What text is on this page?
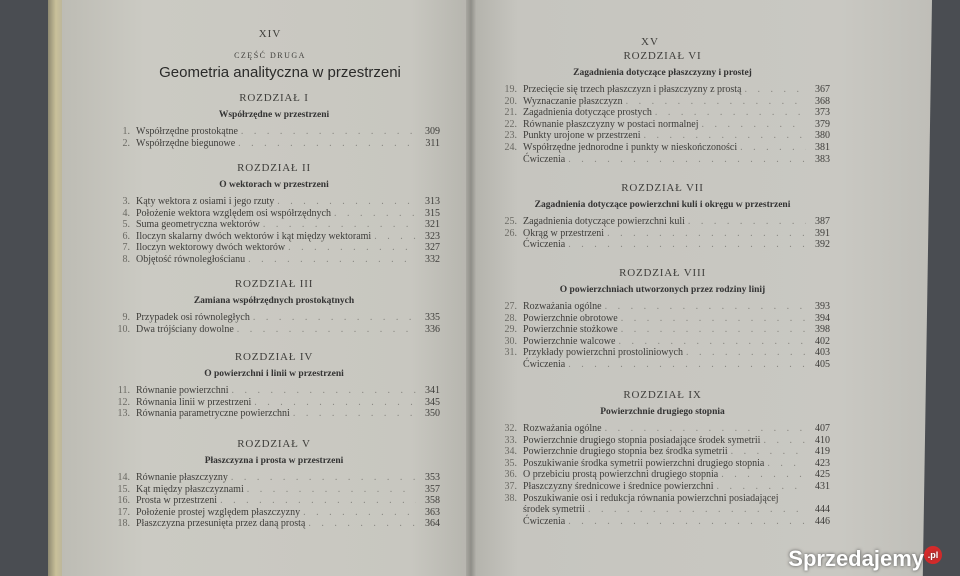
XIV
CZĘŚĆ DRUGA
Geometria analityczna w przestrzeni
XV
ROZDZIAŁ I
Współrzędne w przestrzeni
1. Współrzędne prostokątne . . .	309
2. Współrzędne biegunowe . . .	311
ROZDZIAŁ II
O wektorach w przestrzeni
3. Kąty wektora z osiami i jego rzuty . . .	313
4. Położenie wektora względem osi współrzędnych . . .	315
5. Suma geometryczna wektorów . . .	321
6. Iloczyn skalarny dwóch wektorów i kąt między wektorami . . .	323
7. Iloczyn wektorowy dwóch wektorów . . .	327
8. Objętość równoległościanu . . .	332
ROZDZIAŁ III
Zamiana współrzędnych prostokątnych
9. Przypadek osi równoległych . . .	335
10. Dwa trójściany dowolne . . .	336
ROZDZIAŁ IV
O powierzchni i linii w przestrzeni
11. Równanie powierzchni . . .	341
12. Równania linii w przestrzeni . . .	345
13. Równania parametryczne powierzchni . . .	350
ROZDZIAŁ V
Płaszczyzna i prosta w przestrzeni
14. Równanie płaszczyzny . . .	353
15. Kąt między płaszczyznami . . .	357
16. Prosta w przestrzeni . . .	358
17. Położenie prostej względem płaszczyzny . . .	363
18. Płaszczyzna przesunięta przez daną prostą . . .	364
ROZDZIAŁ VI
Zagadnienia dotyczące płaszczyzny i prostej
19. Przecięcie się trzech płaszczyzn i płaszczyzny z prostą . . .	367
20. Wyznaczanie płaszczyzn . . .	368
21. Zagadnienia dotyczące prostych . . .	373
22. Równanie płaszczyzny w postaci normalnej . . .	379
23. Punkty urojone w przestrzeni . . .	380
24. Współrzędne jednorodne i punkty w nieskończoności . . .	381
Ćwiczenia . . .	383
ROZDZIAŁ VII
Zagadnienia dotyczące powierzchni kuli i okręgu w przestrzeni
25. Zagadnienia dotyczące powierzchni kuli . . .	387
26. Okrąg w przestrzeni . . .	391
Ćwiczenia . . .	392
ROZDZIAŁ VIII
O powierzchniach utworzonych przez rodziny linij
27. Rozważania ogólne . . .	393
28. Powierzchnie obrotowe . . .	394
29. Powierzchnie stożkowe . . .	398
30. Powierzchnie walcowe . . .	402
31. Przykłady powierzchni prostoliniowych . . .	403
Ćwiczenia . . .	405
ROZDZIAŁ IX
Powierzchnie drugiego stopnia
32. Rozważania ogólne . . .	407
33. Powierzchnie drugiego stopnia posiadające środek symetrii . . .	410
34. Powierzchnie drugiego stopnia bez środka symetrii . . .	419
35. Poszukiwanie środka symetrii powierzchni drugiego stopnia . . .	423
36. O przebiciu prostą powierzchni drugiego stopnia . . .	425
37. Płaszczyzny średnicowe i średnice powierzchni . . .	431
38. Poszukiwanie osi i redukcja równania powierzchni posiadającej
środek symetrii . . .	444
Ćwiczenia . . .	446
Sprzedajemy .pl
